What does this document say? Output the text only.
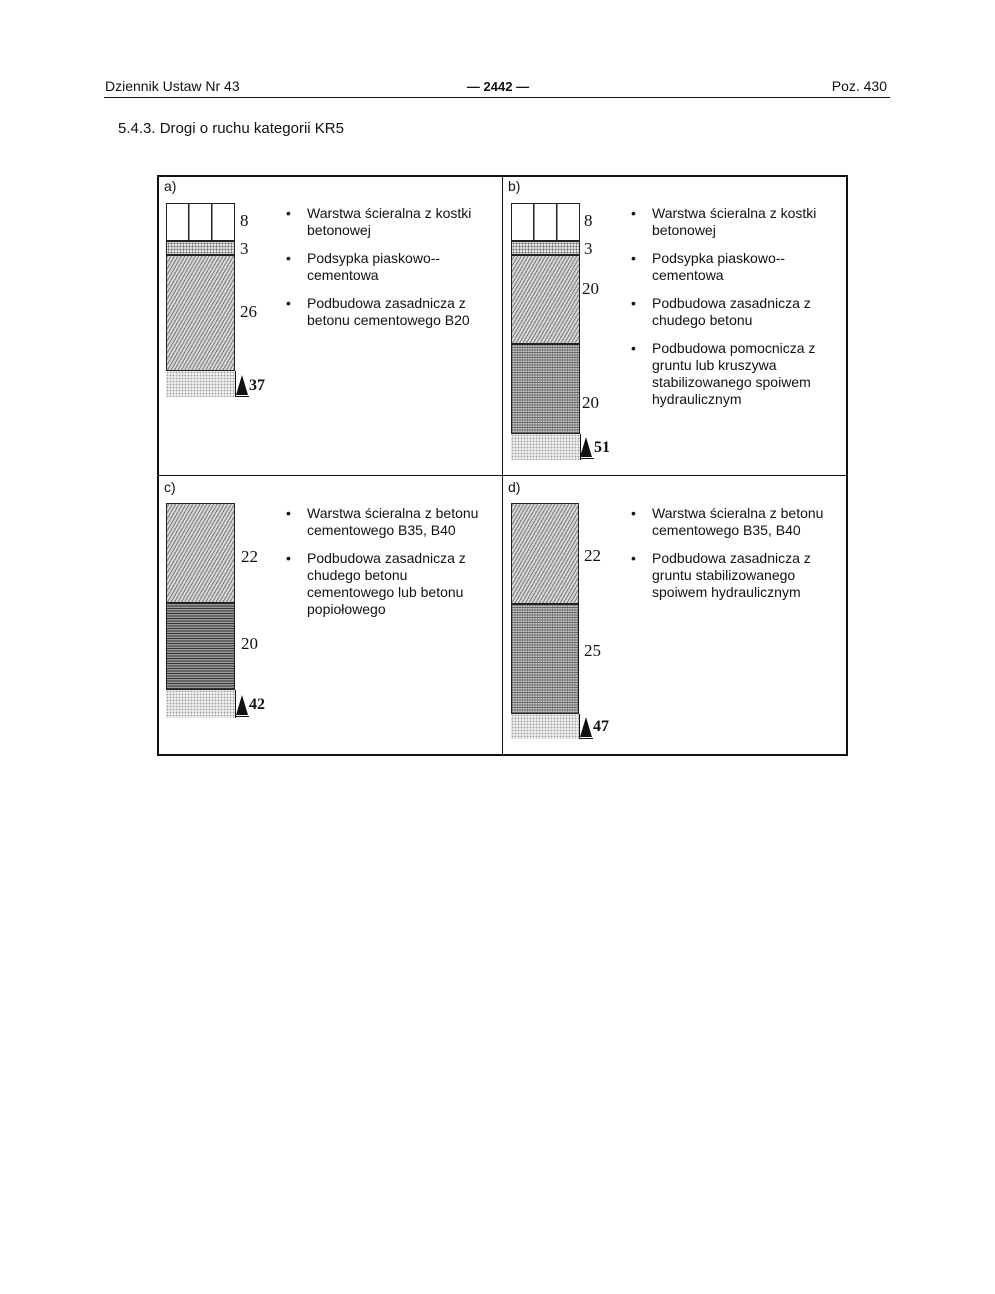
Dziennik Ustaw Nr 43	— 2442 —	Poz. 430
5.4.3. Drogi o ruchu kategorii KR5
a)
8
3
26
37
• Warstwa ścieralna z kostki betonowej
• Podsypka piaskowo--cementowa
• Podbudowa zasadnicza z betonu cementowego B20
b)
8
3
20
20
51
• Warstwa ścieralna z kostki betonowej
• Podsypka piaskowo--cementowa
• Podbudowa zasadnicza z chudego betonu
• Podbudowa pomocnicza z gruntu lub kruszywa stabilizowanego spoiwem hydraulicznym
c)
22
20
42
• Warstwa ścieralna z betonu cementowego B35, B40
• Podbudowa zasadnicza z chudego betonu cementowego lub betonu popiołowego
d)
22
25
47
• Warstwa ścieralna z betonu cementowego B35, B40
• Podbudowa zasadnicza z gruntu stabilizowanego spoiwem hydraulicznym
